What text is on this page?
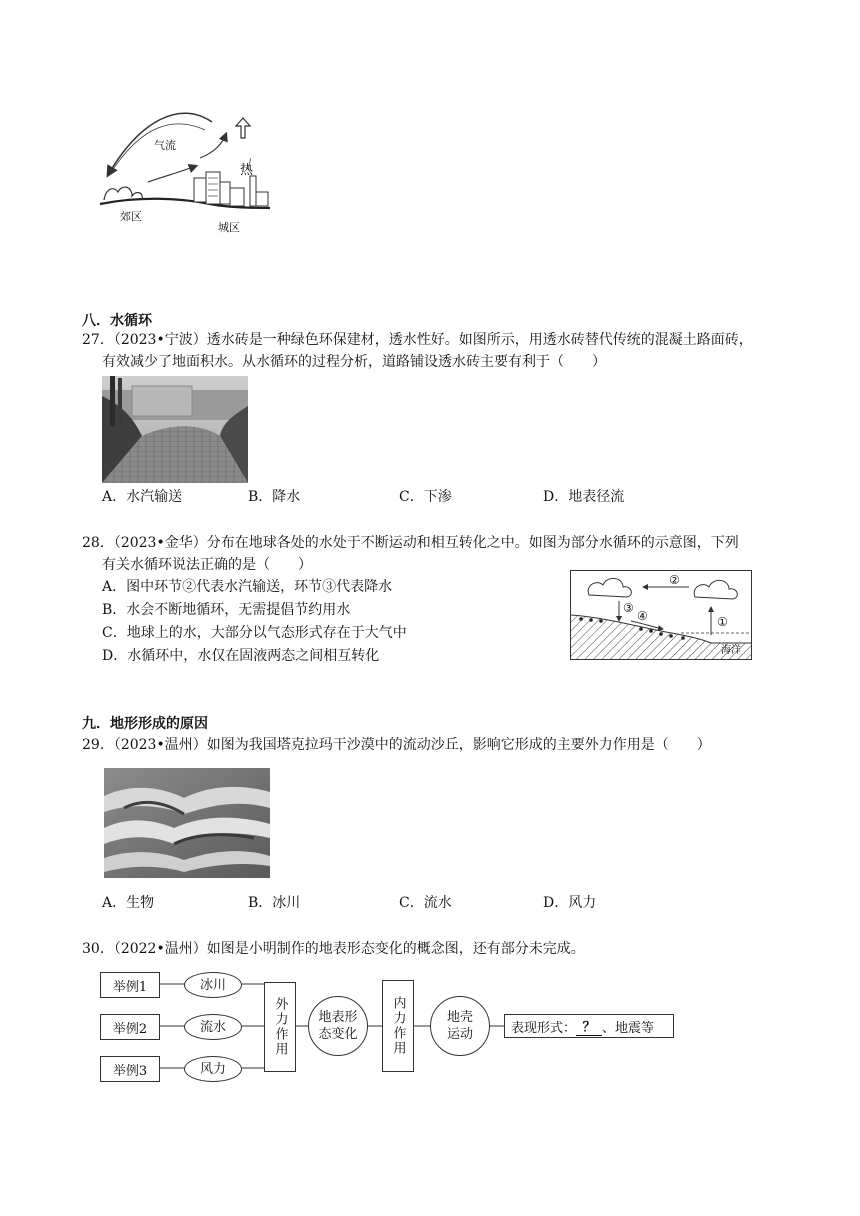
气流
热
郊区
城区
八．水循环
27．（2023•宁波）透水砖是一种绿色环保建材，透水性好。如图所示，用透水砖替代传统的混凝土路面砖，
有效减少了地面积水。从水循环的过程分析，道路铺设透水砖主要有利于（　　）
A．水汽输送	B．降水	C．下渗	D．地表径流
28．（2023•金华）分布在地球各处的水处于不断运动和相互转化之中。如图为部分水循环的示意图，下列
有关水循环说法正确的是（　　）
A．图中环节②代表水汽输送，环节③代表降水
B．水会不断地循环，无需提倡节约用水
C．地球上的水，大部分以气态形式存在于大气中
D．水循环中，水仅在固液两态之间相互转化
②
③
④	①
海洋
九．地形形成的原因
29．（2023•温州）如图为我国塔克拉玛干沙漠中的流动沙丘，影响它形成的主要外力作用是（　　）
A．生物	B．冰川	C．流水	D．风力
30．（2022•温州）如图是小明制作的地表形态变化的概念图，还有部分未完成。
举例1
举例2
举例3
冰川
流水
风力
外力作用 地表形
态变化	内力作用	地壳
运动	表现形式： ？ 、地震等
